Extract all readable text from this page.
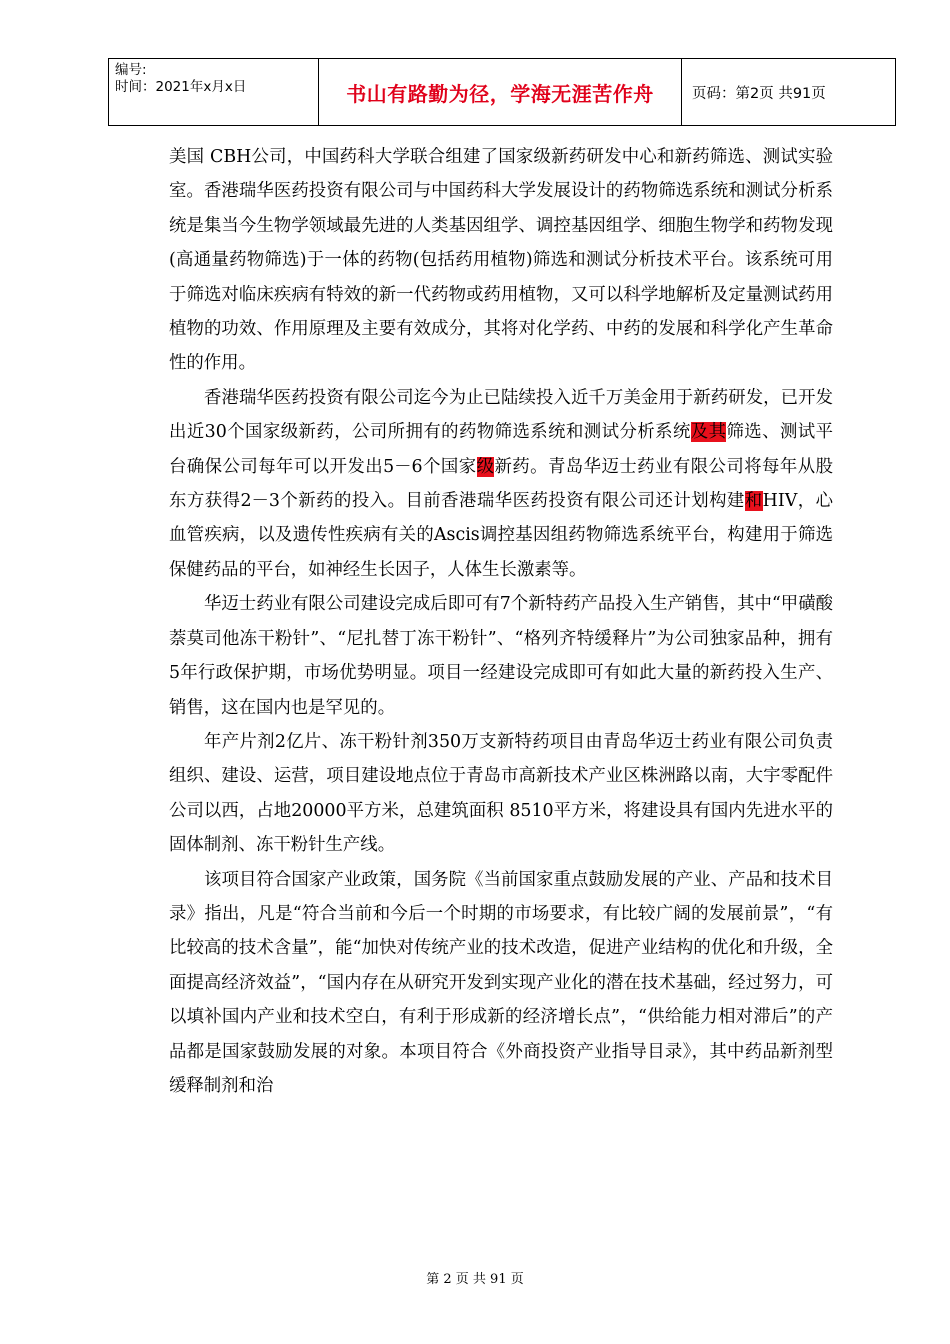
编号:
时间：2021年x月x日	书山有路勤为径，学海无涯苦作舟	页码：第2页 共91页

美国 CBH公司，中国药科大学联合组建了国家级新药研发中心和新药筛选、测试实验室。香港瑞华医药投资有限公司与中国药科大学发展设计的药物筛选系统和测试分析系统是集当今生物学领域最先进的人类基因组学、调控基因组学、细胞生物学和药物发现(高通量药物筛选)于一体的药物(包括药用植物)筛选和测试分析技术平台。该系统可用于筛选对临床疾病有特效的新一代药物或药用植物，又可以科学地解析及定量测试药用植物的功效、作用原理及主要有效成分，其将对化学药、中药的发展和科学化产生革命性的作用。

香港瑞华医药投资有限公司迄今为止已陆续投入近千万美金用于新药研发，已开发出近30个国家级新药，公司所拥有的药物筛选系统和测试分析系统及其筛选、测试平台确保公司每年可以开发出5－6个国家级新药。青岛华迈士药业有限公司将每年从股东方获得2－3个新药的投入。目前香港瑞华医药投资有限公司还计划构建和HIV，心血管疾病，以及遗传性疾病有关的Ascis调控基因组药物筛选系统平台，构建用于筛选保健药品的平台，如神经生长因子，人体生长激素等。

华迈士药业有限公司建设完成后即可有7个新特药产品投入生产销售，其中“甲磺酸萘莫司他冻干粉针”、“尼扎替丁冻干粉针”、“格列齐特缓释片”为公司独家品种，拥有5年行政保护期，市场优势明显。项目一经建设完成即可有如此大量的新药投入生产、销售，这在国内也是罕见的。

年产片剂2亿片、冻干粉针剂350万支新特药项目由青岛华迈士药业有限公司负责组织、建设、运营，项目建设地点位于青岛市高新技术产业区株洲路以南，大宇零配件公司以西，占地20000平方米，总建筑面积 8510平方米，将建设具有国内先进水平的固体制剂、冻干粉针生产线。

该项目符合国家产业政策，国务院《当前国家重点鼓励发展的产业、产品和技术目录》指出，凡是“符合当前和今后一个时期的市场要求，有比较广阔的发展前景”，“有比较高的技术含量”，能“加快对传统产业的技术改造，促进产业结构的优化和升级，全面提高经济效益”，“国内存在从研究开发到实现产业化的潜在技术基础，经过努力，可以填补国内产业和技术空白，有利于形成新的经济增长点”，“供给能力相对滞后”的产品都是国家鼓励发展的对象。本项目符合《外商投资产业指导目录》，其中药品新剂型缓释制剂和治

第 2 页 共 91 页
